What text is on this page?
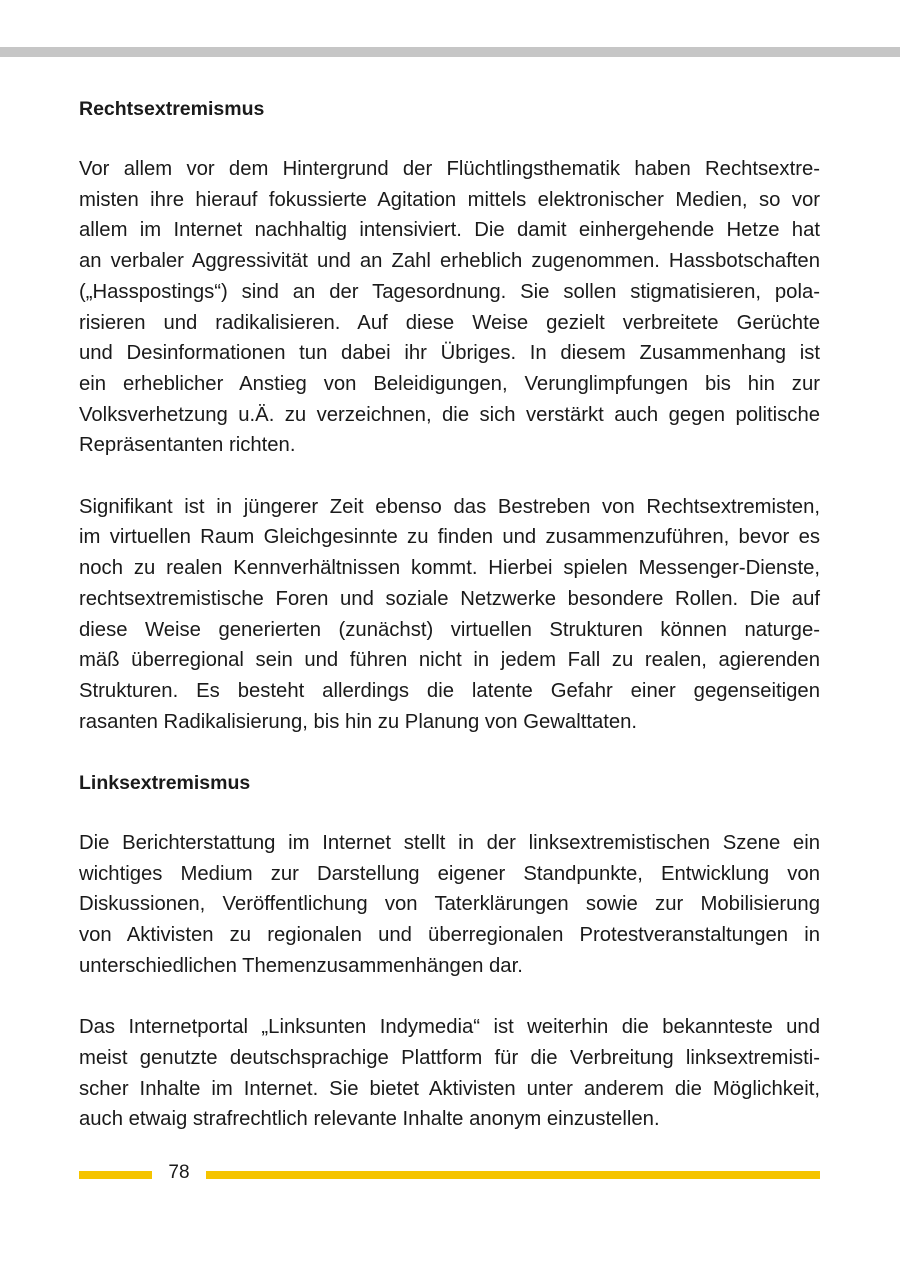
Rechtsextremismus
Vor allem vor dem Hintergrund der Flüchtlingsthematik haben Rechtsextre-
misten ihre hierauf fokussierte Agitation mittels elektronischer Medien, so vor
allem im Internet nachhaltig intensiviert. Die damit einhergehende Hetze hat
an verbaler Aggressivität und an Zahl erheblich zugenommen. Hassbotschaften
(„Hasspostings“) sind an der Tagesordnung. Sie sollen stigmatisieren, pola-
risieren und radikalisieren. Auf diese Weise gezielt verbreitete Gerüchte
und Desinformationen tun dabei ihr Übriges. In diesem Zusammenhang ist
ein erheblicher Anstieg von Beleidigungen, Verunglimpfungen bis hin zur
Volksverhetzung u.Ä. zu verzeichnen, die sich verstärkt auch gegen politische
Repräsentanten richten.
Signifikant ist in jüngerer Zeit ebenso das Bestreben von Rechtsextremisten,
im virtuellen Raum Gleichgesinnte zu finden und zusammenzuführen, bevor es
noch zu realen Kennverhältnissen kommt. Hierbei spielen Messenger-Dienste,
rechtsextremistische Foren und soziale Netzwerke besondere Rollen. Die auf
diese Weise generierten (zunächst) virtuellen Strukturen können naturge-
mäß überregional sein und führen nicht in jedem Fall zu realen, agierenden
Strukturen. Es besteht allerdings die latente Gefahr einer gegenseitigen
rasanten Radikalisierung, bis hin zu Planung von Gewalttaten.
Linksextremismus
Die Berichterstattung im Internet stellt in der linksextremistischen Szene ein
wichtiges Medium zur Darstellung eigener Standpunkte, Entwicklung von
Diskussionen, Veröffentlichung von Taterklärungen sowie zur Mobilisierung
von Aktivisten zu regionalen und überregionalen Protestveranstaltungen in
unterschiedlichen Themenzusammenhängen dar.
Das Internetportal „Linksunten Indymedia“ ist weiterhin die bekannteste und
meist genutzte deutschsprachige Plattform für die Verbreitung linksextremisti-
scher Inhalte im Internet. Sie bietet Aktivisten unter anderem die Möglichkeit,
auch etwaig strafrechtlich relevante Inhalte anonym einzustellen.
78
